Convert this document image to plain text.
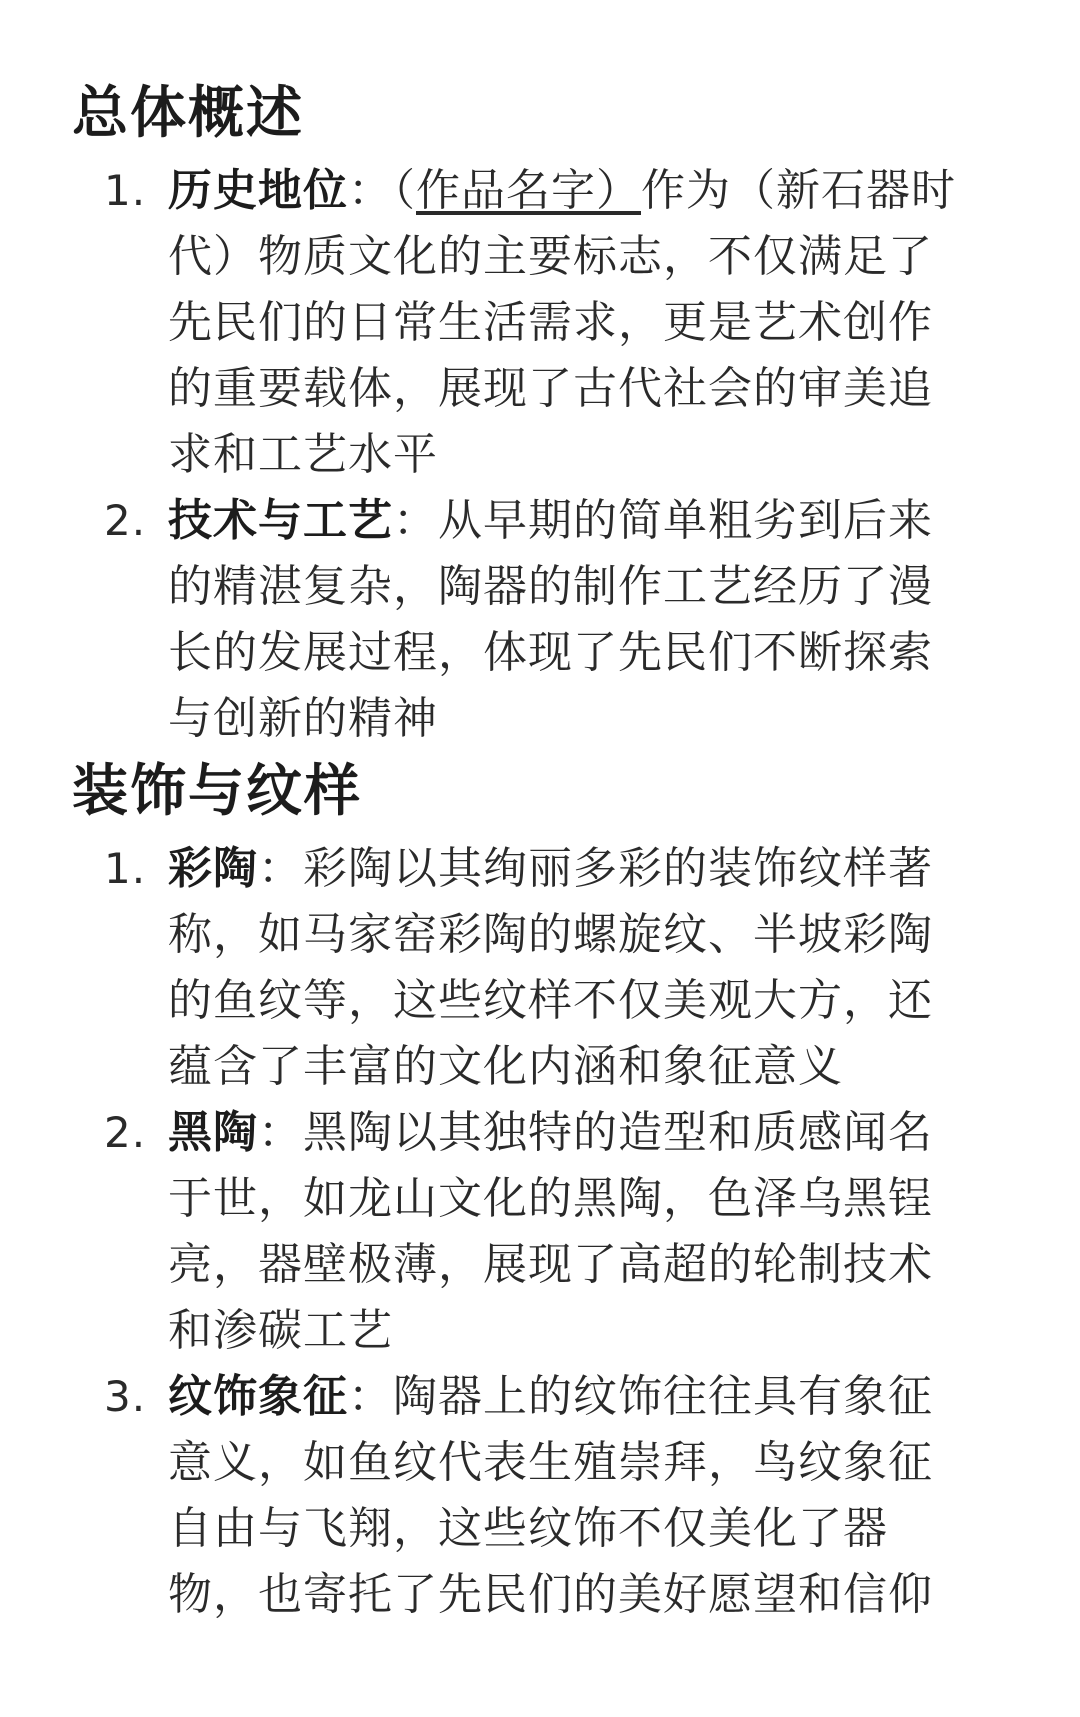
总体概述
1. 历史地位：（作品名字）作为（新石器时代）物质文化的主要标志，不仅满足了先民们的日常生活需求，更是艺术创作的重要载体，展现了古代社会的审美追求和工艺水平
2. 技术与工艺：从早期的简单粗劣到后来的精湛复杂，陶器的制作工艺经历了漫长的发展过程，体现了先民们不断探索与创新的精神
装饰与纹样
1. 彩陶：彩陶以其绚丽多彩的装饰纹样著称，如马家窑彩陶的螺旋纹、半坡彩陶的鱼纹等，这些纹样不仅美观大方，还蕴含了丰富的文化内涵和象征意义
2. 黑陶：黑陶以其独特的造型和质感闻名于世，如龙山文化的黑陶，色泽乌黑锃亮，器壁极薄，展现了高超的轮制技术和渗碳工艺
3. 纹饰象征：陶器上的纹饰往往具有象征意义，如鱼纹代表生殖崇拜，鸟纹象征自由与飞翔，这些纹饰不仅美化了器物，也寄托了先民们的美好愿望和信仰
